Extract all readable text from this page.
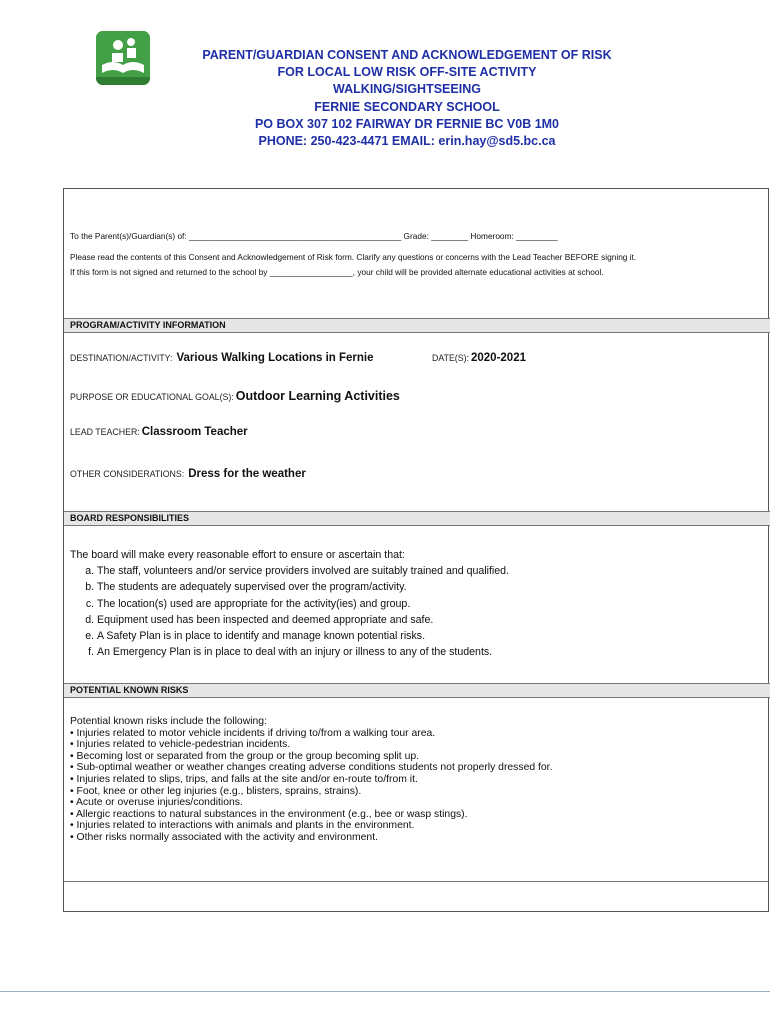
PARENT/GUARDIAN CONSENT AND ACKNOWLEDGEMENT OF RISK
FOR LOCAL LOW RISK OFF-SITE ACTIVITY
WALKING/SIGHTSEEING
FERNIE SECONDARY SCHOOL
PO BOX 307 102 FAIRWAY DR FERNIE BC V0B 1M0
PHONE: 250-423-4471 EMAIL: erin.hay@sd5.bc.ca
To the Parent(s)/Guardian(s) of: ______________________________________________ Grade: ________ Homeroom: _________
Please read the contents of this Consent and Acknowledgement of Risk form. Clarify any questions or concerns with the Lead Teacher BEFORE signing it.
If this form is not signed and returned to the school by __________________, your child will be provided alternate educational activities at school.
PROGRAM/ACTIVITY INFORMATION
DESTINATION/ACTIVITY: Various Walking Locations in Fernie	DATE(S): 2020-2021
PURPOSE OR EDUCATIONAL GOAL(S): Outdoor Learning Activities
LEAD TEACHER: Classroom Teacher
OTHER CONSIDERATIONS: Dress for the weather
BOARD RESPONSIBILITIES
The board will make every reasonable effort to ensure or ascertain that:
a. The staff, volunteers and/or service providers involved are suitably trained and qualified.
b. The students are adequately supervised over the program/activity.
c. The location(s) used are appropriate for the activity(ies) and group.
d. Equipment used has been inspected and deemed appropriate and safe.
e. A Safety Plan is in place to identify and manage known potential risks.
f. An Emergency Plan is in place to deal with an injury or illness to any of the students.
POTENTIAL KNOWN RISKS
Potential known risks include the following:
• Injuries related to motor vehicle incidents if driving to/from a walking tour area.
• Injuries related to vehicle-pedestrian incidents.
• Becoming lost or separated from the group or the group becoming split up.
• Sub-optimal weather or weather changes creating adverse conditions students not properly dressed for.
• Injuries related to slips, trips, and falls at the site and/or en-route to/from it.
• Foot, knee or other leg injuries (e.g., blisters, sprains, strains).
• Acute or overuse injuries/conditions.
• Allergic reactions to natural substances in the environment (e.g., bee or wasp stings).
• Injuries related to interactions with animals and plants in the environment.
• Other risks normally associated with the activity and environment.
